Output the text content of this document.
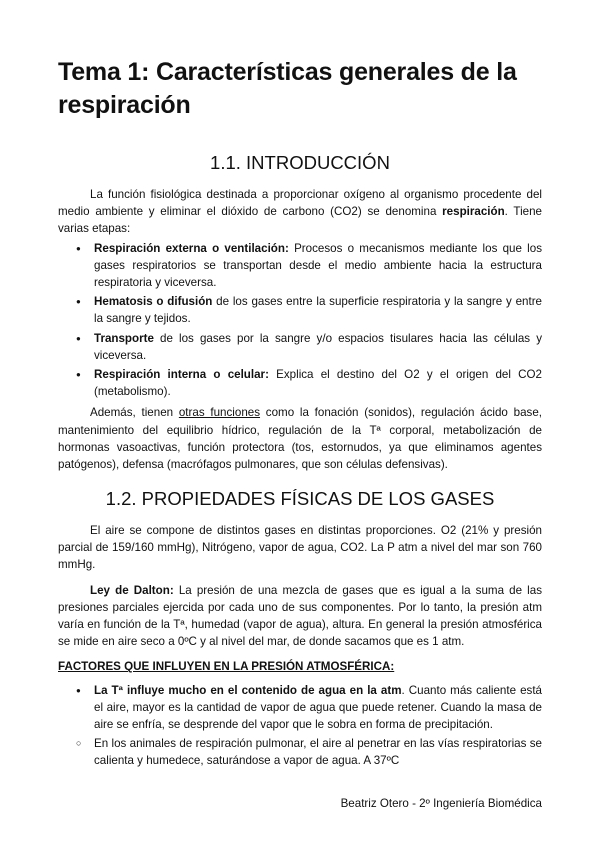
Tema 1: Características generales de la respiración
1.1. INTRODUCCIÓN

La función fisiológica destinada a proporcionar oxígeno al organismo procedente del medio ambiente y eliminar el dióxido de carbono (CO2) se denomina respiración. Tiene varias etapas:

● Respiración externa o ventilación: Procesos o mecanismos mediante los que los gases respiratorios se transportan desde el medio ambiente hacia la estructura respiratoria y viceversa.
● Hematosis o difusión de los gases entre la superficie respiratoria y la sangre y entre la sangre y tejidos.
● Transporte de los gases por la sangre y/o espacios tisulares hacia las células y viceversa.
● Respiración interna o celular: Explica el destino del O2 y el origen del CO2 (metabolismo).

Además, tienen otras funciones como la fonación (sonidos), regulación ácido base, mantenimiento del equilibrio hídrico, regulación de la Tª corporal, metabolización de hormonas vasoactivas, función protectora (tos, estornudos, ya que eliminamos agentes patógenos), defensa (macrófagos pulmonares, que son células defensivas).

1.2. PROPIEDADES FÍSICAS DE LOS GASES

El aire se compone de distintos gases en distintas proporciones. O2 (21% y presión parcial de 159/160 mmHg), Nitrógeno, vapor de agua, CO2. La P atm a nivel del mar son 760 mmHg.

Ley de Dalton: La presión de una mezcla de gases que es igual a la suma de las presiones parciales ejercida por cada uno de sus componentes. Por lo tanto, la presión atm varía en función de la Tª, humedad (vapor de agua), altura. En general la presión atmosférica se mide en aire seco a 0ºC y al nivel del mar, de donde sacamos que es 1 atm.

FACTORES QUE INFLUYEN EN LA PRESIÓN ATMOSFÉRICA:

● La Tª influye mucho en el contenido de agua en la atm. Cuanto más caliente está el aire, mayor es la cantidad de vapor de agua que puede retener. Cuando la masa de aire se enfría, se desprende del vapor que le sobra en forma de precipitación.
○ En los animales de respiración pulmonar, el aire al penetrar en las vías respiratorias se calienta y humedece, saturándose a vapor de agua. A 37ºC
Beatriz Otero - 2º Ingeniería Biomédica
